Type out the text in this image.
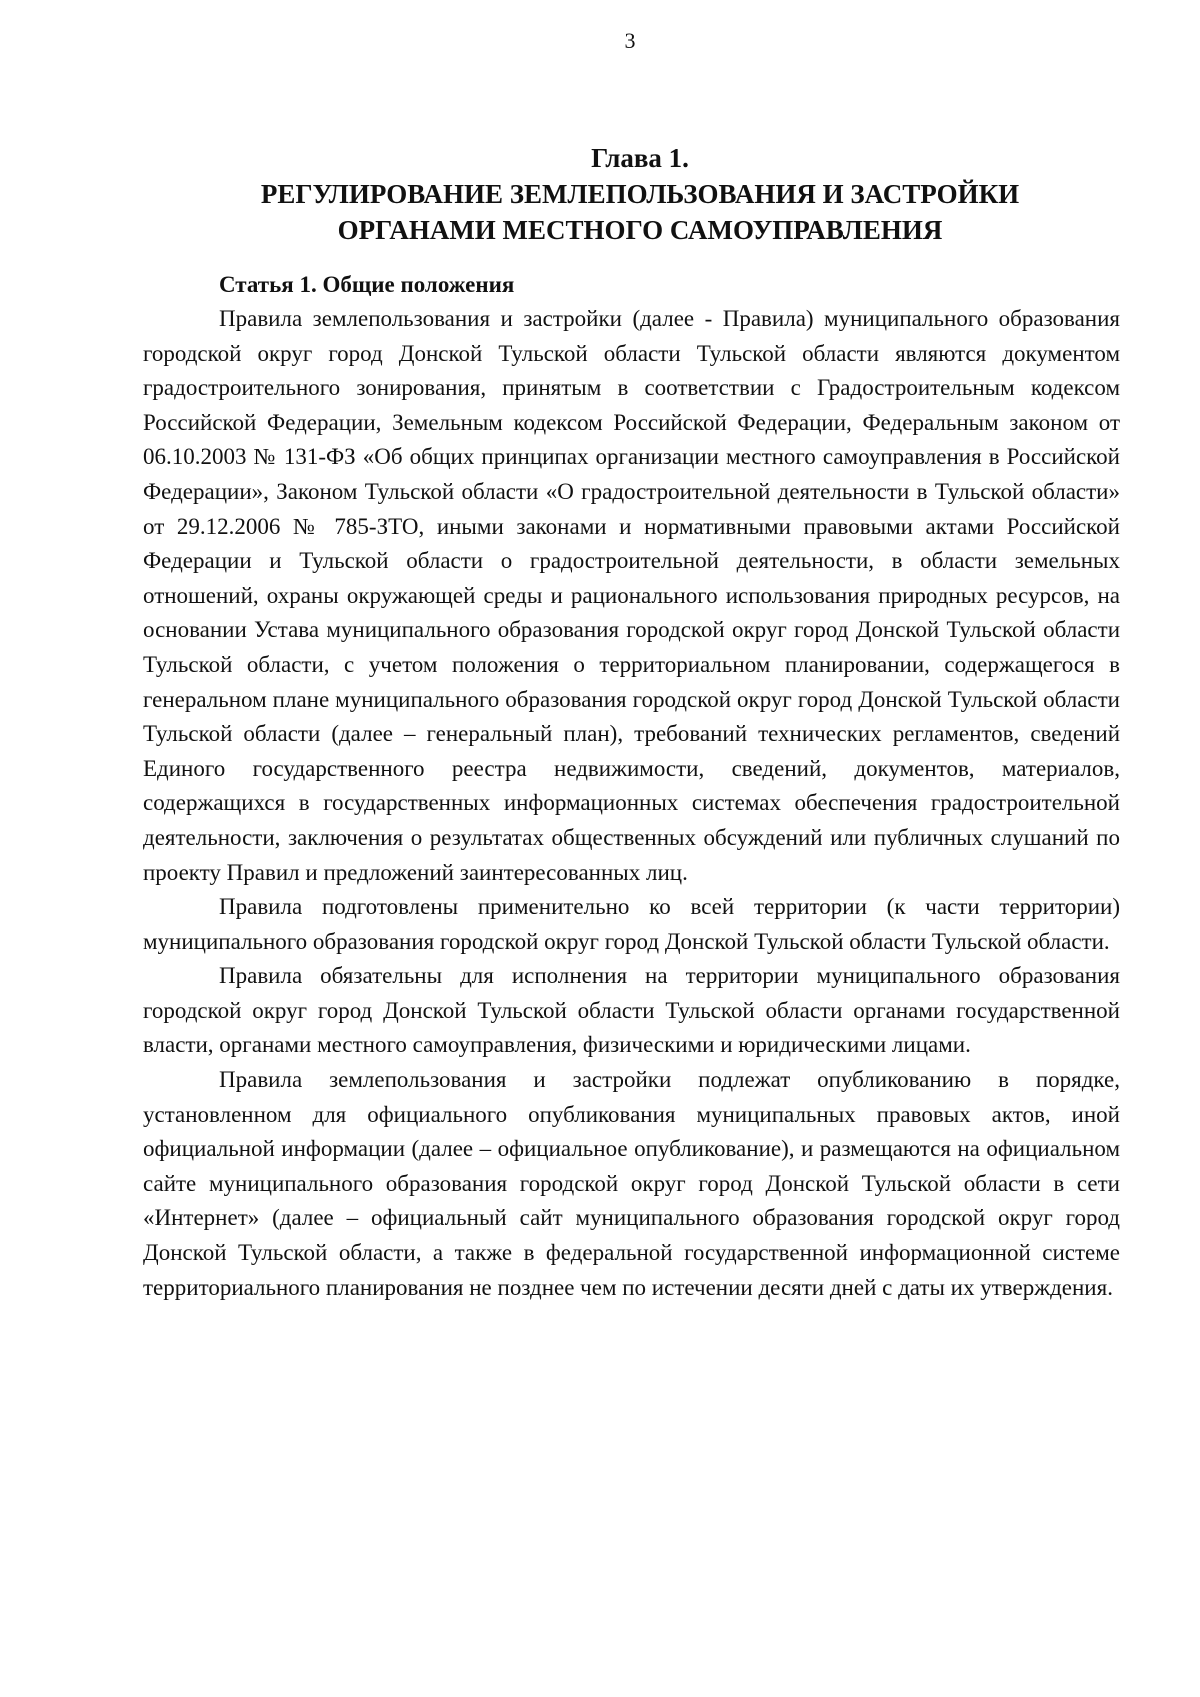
3
Глава 1.
РЕГУЛИРОВАНИЕ ЗЕМЛЕПОЛЬЗОВАНИЯ И ЗАСТРОЙКИ
ОРГАНАМИ МЕСТНОГО САМОУПРАВЛЕНИЯ
Статья 1. Общие положения

Правила землепользования и застройки (далее - Правила) муниципального образования городской округ город Донской Тульской области Тульской области являются документом градостроительного зонирования, принятым в соответствии с Градостроительным кодексом Российской Федерации, Земельным кодексом Российской Федерации, Федеральным законом от 06.10.2003 № 131-ФЗ «Об общих принципах организации местного самоуправления в Российской Федерации», Законом Тульской области «О градостроительной деятельности в Тульской области» от 29.12.2006 № 785-ЗТО, иными законами и нормативными правовыми актами Российской Федерации и Тульской области о градостроительной деятельности, в области земельных отношений, охраны окружающей среды и рационального использования природных ресурсов, на основании Устава муниципального образования городской округ город Донской Тульской области Тульской области, с учетом положения о территориальном планировании, содержащегося в генеральном плане муниципального образования городской округ город Донской Тульской области Тульской области (далее – генеральный план), требований технических регламентов, сведений Единого государственного реестра недвижимости, сведений, документов, материалов, содержащихся в государственных информационных системах обеспечения градостроительной деятельности, заключения о результатах общественных обсуждений или публичных слушаний по проекту Правил и предложений заинтересованных лиц.

Правила подготовлены применительно ко всей территории (к части территории) муниципального образования городской округ город Донской Тульской области Тульской области.

Правила обязательны для исполнения на территории муниципального образования городской округ город Донской Тульской области Тульской области органами государственной власти, органами местного самоуправления, физическими и юридическими лицами.

Правила землепользования и застройки подлежат опубликованию в порядке, установленном для официального опубликования муниципальных правовых актов, иной официальной информации (далее – официальное опубликование), и размещаются на официальном сайте муниципального образования городской округ город Донской Тульской области в сети «Интернет» (далее – официальный сайт муниципального образования городской округ город Донской Тульской области, а также в федеральной государственной информационной системе территориального планирования не позднее чем по истечении десяти дней с даты их утверждения.
